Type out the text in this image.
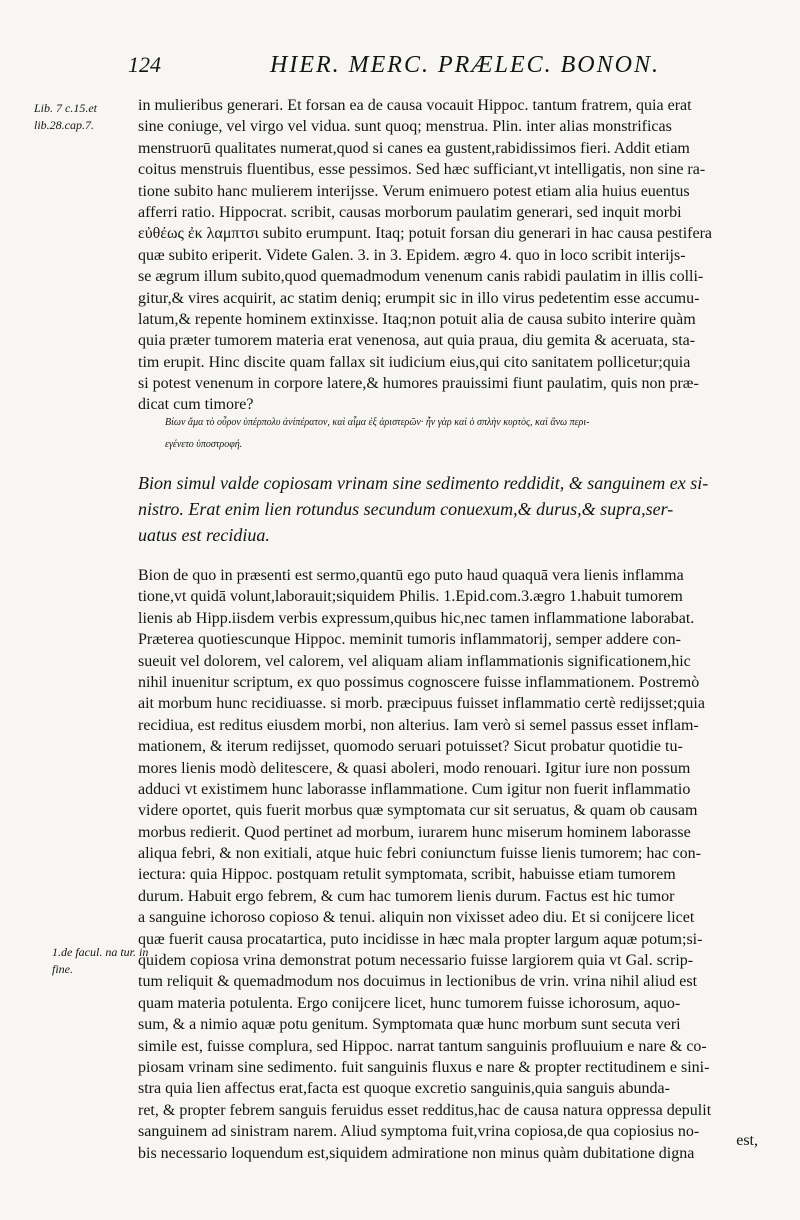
124	HIER. MERC. PRÆLEC. BONON.
Lib. 7 c.15.et lib.28.cap.7.
1.de facul. na tur. in fine.
in mulieribus generari. Et forsan ea de causa vocauit Hippoc. tantum fratrem, quia erat
sine coniuge, vel virgo vel vidua. sunt quoq; menstrua. Plin. inter alias monstrificas
menstruorū qualitates numerat,quod si canes ea gustent,rabidissimos fieri. Addit etiam
coitus menstruis fluentibus, esse pessimos. Sed hæc sufficiant,vt intelligatis, non sine ra-
tione subito hanc mulierem interijsse. Verum enimuero potest etiam alia huius euentus
afferri ratio. Hippocrat. scribit, causas morborum paulatim generari, sed inquit morbi
εὐθέως ἐκ λαμπτσι subito erumpunt. Itaq; potuit forsan diu generari in hac causa pestifera
quæ subito eriperit. Videte Galen. 3. in 3. Epidem. ægro 4. quo in loco scribit interijs-
se ægrum illum subito,quod quemadmodum venenum canis rabidi paulatim in illis colli-
gitur,& vires acquirit, ac statim deniq; erumpit sic in illo virus pedetentim esse accumu-
latum,& repente hominem extinxisse. Itaq;non potuit alia de causa subito interire quàm
quia præter tumorem materia erat venenosa, aut quia praua, diu gemita & aceruata, sta-
tim erupit. Hinc discite quam fallax sit iudicium eius,qui cito sanitatem pollicetur;quia
si potest venenum in corpore latere,& humores prauissimi fiunt paulatim, quis non præ-
dicat cum timore?
Βίων ἄμα τὸ οὖρον ὑπέρπολυ ἀνίπέρατον, καὶ αἷμα ἐξ ἀριστερῶν· ἦν γὰρ καὶ ὁ σπλὴν κυρτὸς, καὶ ἄνω περι-
εγένετο ὑποστροφή.
Bion simul valde copiosam vrinam sine sedimento reddidit, & sanguinem ex si-
nistro. Erat enim lien rotundus secundum conuexum,& durus,& supra,ser-
uatus est recidiua.
Bion de quo in præsenti est sermo,quantū ego puto haud quaquā vera lienis inflamma
tione,vt quidā volunt,laborauit;siquidem Philis. 1.Epid.com.3.ægro 1.habuit tumorem
lienis ab Hipp.iisdem verbis expressum,quibus hic,nec tamen inflammatione laborabat.
Præterea quotiescunque Hippoc. meminit tumoris inflammatorij, semper addere con-
sueuit vel dolorem, vel calorem, vel aliquam aliam inflammationis significationem,hic
nihil inuenitur scriptum, ex quo possimus cognoscere fuisse inflammationem. Postremò
ait morbum hunc recidiuasse. si morb. præcipuus fuisset inflammatio certè redijsset;quia
recidiua, est reditus eiusdem morbi, non alterius. Iam verò si semel passus esset inflam-
mationem, & iterum redijsset, quomodo seruari potuisset? Sicut probatur quotidie tu-
mores lienis modò delitescere, & quasi aboleri, modo renouari. Igitur iure non possum
adduci vt existimem hunc laborasse inflammatione. Cum igitur non fuerit inflammatio
videre oportet, quis fuerit morbus quæ symptomata cur sit seruatus, & quam ob causam
morbus redierit. Quod pertinet ad morbum, iurarem hunc miserum hominem laborasse
aliqua febri, & non exitiali, atque huic febri coniunctum fuisse lienis tumorem; hac con-
iectura: quia Hippoc. postquam retulit symptomata, scribit, habuisse etiam tumorem
durum. Habuit ergo febrem, & cum hac tumorem lienis durum. Factus est hic tumor
a sanguine ichoroso copioso & tenui. aliquin non vixisset adeo diu. Et si conijcere licet
quæ fuerit causa procatartica, puto incidisse in hæc mala propter largum aquæ potum;si-
quidem copiosa vrina demonstrat potum necessario fuisse largiorem quia vt Gal. scrip-
tum reliquit & quemadmodum nos docuimus in lectionibus de vrin. vrina nihil aliud est
quam materia potulenta. Ergo conijcere licet, hunc tumorem fuisse ichorosum, aquo-
sum, & a nimio aquæ potu genitum. Symptomata quæ hunc morbum sunt secuta veri
simile est, fuisse complura, sed Hippoc. narrat tantum sanguinis profluuium e nare & co-
piosam vrinam sine sedimento. fuit sanguinis fluxus e nare & propter rectitudinem e sini-
stra quia lien affectus erat,facta est quoque excretio sanguinis,quia sanguis abunda-
ret, & propter febrem sanguis feruidus esset redditus,hac de causa natura oppressa depulit
sanguinem ad sinistram narem. Aliud symptoma fuit,vrina copiosa,de qua copiosius no-
bis necessario loquendum est,siquidem admiratione non minus quàm dubitatione digna
est,
